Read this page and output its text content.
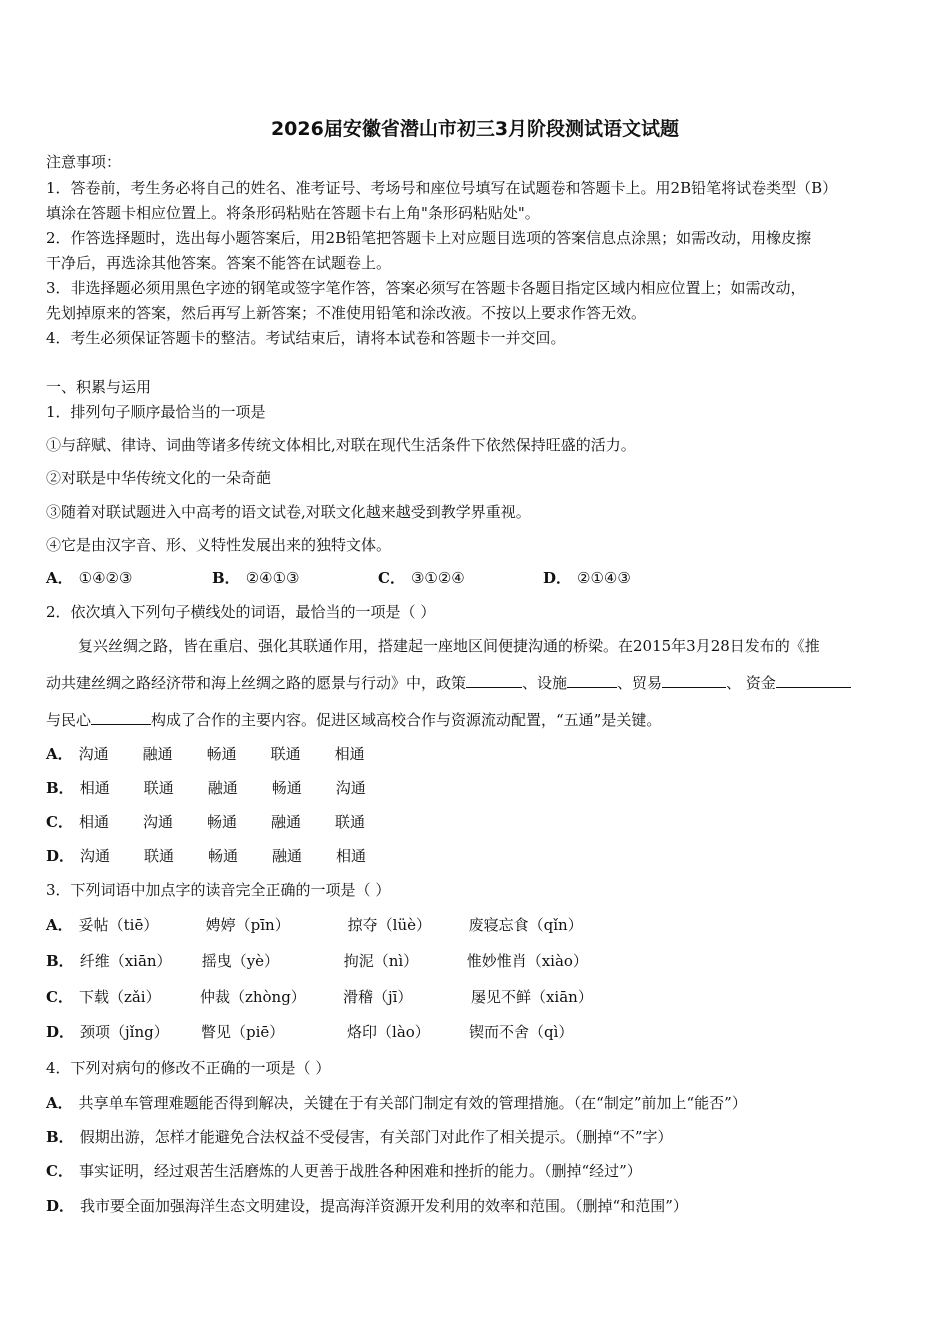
2026届安徽省潜山市初三3月阶段测试语文试题
注意事项：
1．答卷前，考生务必将自己的姓名、准考证号、考场号和座位号填写在试题卷和答题卡上。用2B铅笔将试卷类型（B）
填涂在答题卡相应位置上。将条形码粘贴在答题卡右上角"条形码粘贴处"。
2．作答选择题时，选出每小题答案后，用2B铅笔把答题卡上对应题目选项的答案信息点涂黑；如需改动，用橡皮擦
干净后，再选涂其他答案。答案不能答在试题卷上。
3．非选择题必须用黑色字迹的钢笔或签字笔作答，答案必须写在答题卡各题目指定区域内相应位置上；如需改动，
先划掉原来的答案，然后再写上新答案；不准使用铅笔和涂改液。不按以上要求作答无效。
4．考生必须保证答题卡的整洁。考试结束后，请将本试卷和答题卡一并交回。
一、积累与运用
1．排列句子顺序最恰当的一项是
①与辞赋、律诗、词曲等诸多传统文体相比,对联在现代生活条件下依然保持旺盛的活力。
②对联是中华传统文化的一朵奇葩
③随着对联试题进入中高考的语文试卷,对联文化越来越受到教学界重视。
④它是由汉字音、形、义特性发展出来的独特文体。
A． ①④②③	B． ②④①③	C． ③①②④	D． ②①④③
2．依次填入下列句子横线处的词语，最恰当的一项是（ ）
复兴丝绸之路，皆在重启、强化其联通作用，搭建起一座地区间便捷沟通的桥梁。在2015年3月28日发布的《推
动共建丝绸之路经济带和海上丝绸之路的愿景与行动》中，政策	、设施	、贸易	、 资金
与民心	构成了合作的主要内容。促进区域高校合作与资源流动配置，“五通”是关键。
A． 沟通 融通 畅通 联通 相通
B． 相通 联通 融通 畅通 沟通
C． 相通 沟通 畅通 融通 联通
D． 沟通 联通 畅通 融通 相通
3．下列词语中加点字的读音完全正确的一项是（ ）
A． 妥帖（tiē）	娉婷（pīn）	掠夺（lüè）	废寝忘食（qǐn）
B． 纤维（xiān） 摇曳（yè）	拘泥（nì）	惟妙惟肖（xiào）
C． 下载（zǎi）	仲裁（zhòng） 滑稽（jī）	屡见不鲜（xiān）
D． 颈项（jǐng） 瞥见（piē）	烙印（lào）	锲而不舍（qì）
4．下列对病句的修改不正确的一项是（ ）
A． 共享单车管理难题能否得到解决，关键在于有关部门制定有效的管理措施。（在“制定”前加上“能否”）
B． 假期出游，怎样才能避免合法权益不受侵害，有关部门对此作了相关提示。（删掉“不”字）
C． 事实证明，经过艰苦生活磨炼的人更善于战胜各种困难和挫折的能力。（删掉“经过”）
D． 我市要全面加强海洋生态文明建设，提高海洋资源开发利用的效率和范围。（删掉“和范围”）
